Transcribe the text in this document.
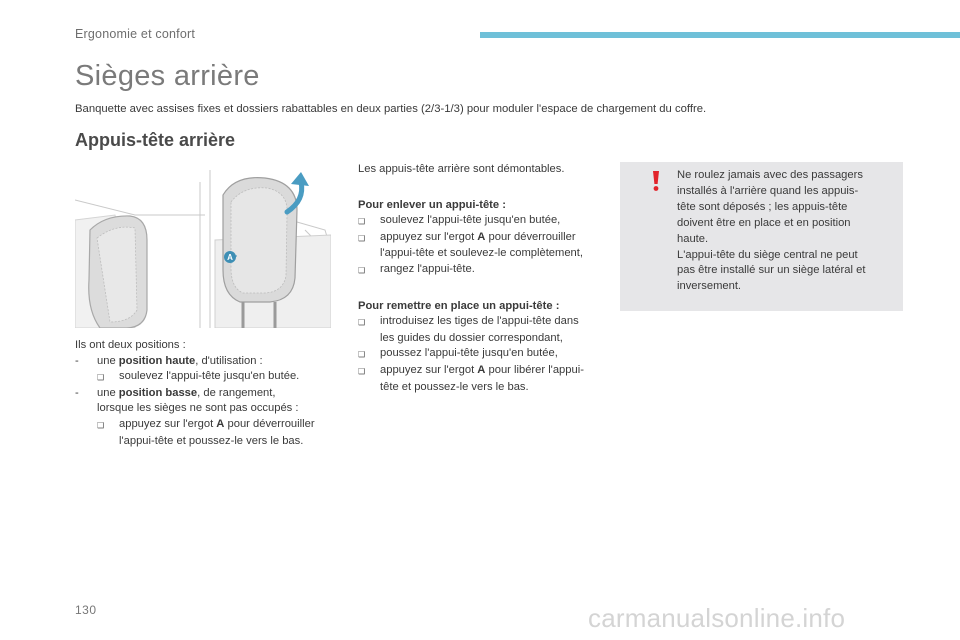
Ergonomie et confort
Sièges arrière
Banquette avec assises fixes et dossiers rabattables en deux parties (2/3-1/3) pour moduler l'espace de chargement du coffre.
Appuis-tête arrière
A
Ils ont deux positions :
-	une position haute, d'utilisation :
❑	soulevez l'appui-tête jusqu'en butée.
-	une position basse, de rangement,
lorsque les sièges ne sont pas occupés :
❑	appuyez sur l'ergot A pour déverrouiller
l'appui-tête et poussez-le vers le bas.
Les appuis-tête arrière sont démontables.
Pour enlever un appui-tête :
❑	soulevez l'appui-tête jusqu'en butée,
❑	appuyez sur l'ergot A pour déverrouiller
l'appui-tête et soulevez-le complètement,
❑	rangez l'appui-tête.
Pour remettre en place un appui-tête :
❑	introduisez les tiges de l'appui-tête dans
les guides du dossier correspondant,
❑	poussez l'appui-tête jusqu'en butée,
❑	appuyez sur l'ergot A pour libérer l'appui-
tête et poussez-le vers le bas.
Ne roulez jamais avec des passagers
installés à l'arrière quand les appuis-
tête sont déposés ; les appuis-tête
doivent être en place et en position
haute.
L'appui-tête du siège central ne peut
pas être installé sur un siège latéral et
inversement.
130	carmanualsonline.info
